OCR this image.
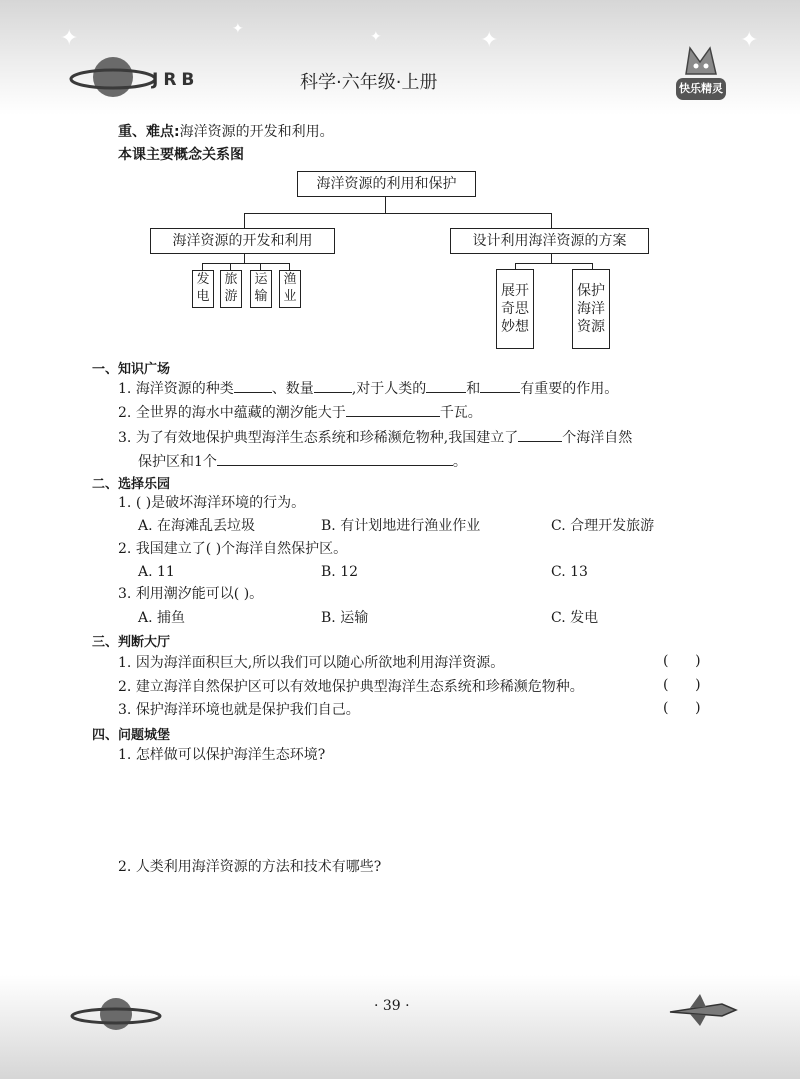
✦	✦	✦	✦	✦
JRB	科学·六年级·上册	快乐精灵
重、难点:海洋资源的开发和利用。
本课主要概念关系图
海洋资源的利用和保护
海洋资源的开发和利用	设计利用海洋资源的方案
发电
旅游
运输
渔业	展开奇思妙想
保护海洋资源
一、知识广场
1. 海洋资源的种类	、数量	,对于人类的	和	有重要的作用。
2. 全世界的海水中蕴藏的潮汐能大于	千瓦。
3. 为了有效地保护典型海洋生态系统和珍稀濒危物种,我国建立了	个海洋自然
保护区和1个	。
二、选择乐园
1. ( )是破坏海洋环境的行为。
A. 在海滩乱丢垃圾	B. 有计划地进行渔业作业	C. 合理开发旅游
2. 我国建立了( )个海洋自然保护区。
A. 11	B. 12	C. 13
3. 利用潮汐能可以( )。
A. 捕鱼	B. 运输	C. 发电
三、判断大厅
1. 因为海洋面积巨大,所以我们可以随心所欲地利用海洋资源。	(      )
2. 建立海洋自然保护区可以有效地保护典型海洋生态系统和珍稀濒危物种。	(      )
3. 保护海洋环境也就是保护我们自己。	(      )
四、问题城堡
1. 怎样做可以保护海洋生态环境?
2. 人类利用海洋资源的方法和技术有哪些?
· 39 ·
